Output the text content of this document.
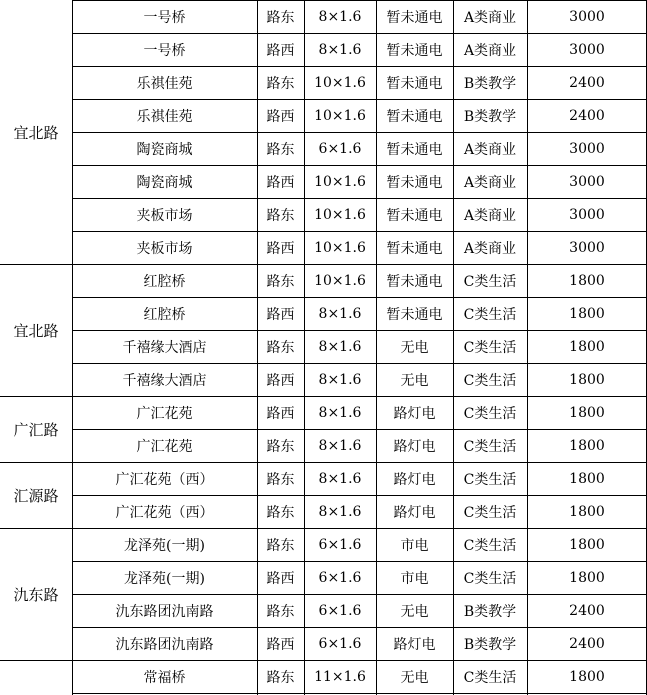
宜北路
一号桥	路东	8×1.6	暂未通电	A类商业	3000
一号桥	路西	8×1.6	暂未通电	A类商业	3000
乐祺佳苑	路东	10×1.6	暂未通电	B类教学	2400
乐祺佳苑	路西	10×1.6	暂未通电	B类教学	2400
陶瓷商城	路东	6×1.6	暂未通电	A类商业	3000
陶瓷商城	路西	10×1.6	暂未通电	A类商业	3000
夹板市场	路东	10×1.6	暂未通电	A类商业	3000
夹板市场	路西	10×1.6	暂未通电	A类商业	3000
宜北路
红腔桥	路东	10×1.6	暂未通电	C类生活	1800
红腔桥	路西	8×1.6	暂未通电	C类生活	1800
千禧缘大酒店	路东	8×1.6	无电	C类生活	1800
千禧缘大酒店	路西	8×1.6	无电	C类生活	1800
广汇路
广汇花苑	路西	8×1.6	路灯电	C类生活	1800
广汇花苑	路东	8×1.6	路灯电	C类生活	1800
汇源路
广汇花苑（西）	路东	8×1.6	路灯电	C类生活	1800
广汇花苑（西）	路东	8×1.6	路灯电	C类生活	1800
氿东路
龙泽苑(一期)	路东	6×1.6	市电	C类生活	1800
龙泽苑(一期)	路西	6×1.6	市电	C类生活	1800
氿东路团氿南路	路东	6×1.6	无电	B类教学	2400
氿东路团氿南路	路西	6×1.6	路灯电	B类教学	2400
常福桥	路东	11×1.6	无电	C类生活	1800
